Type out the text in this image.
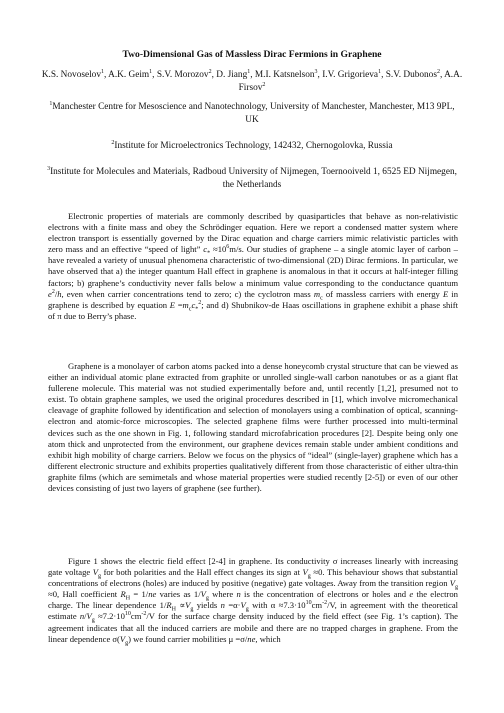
Two-Dimensional Gas of Massless Dirac Fermions in Graphene
K.S. Novoselov$^1$, A.K. Geim$^1$, S.V. Morozov$^2$, D. Jiang$^1$, M.I. Katsnelson$^3$, I.V. Grigorieva$^1$, S.V. Dubonos$^2$, A.A. Firsov$^2$
$^1$Manchester Centre for Mesoscience and Nanotechnology, University of Manchester, Manchester, M13 9PL, UK
$^2$Institute for Microelectronics Technology, 142432, Chernogolovka, Russia
$^3$Institute for Molecules and Materials, Radboud University of Nijmegen, Toernooiveld 1, 6525 ED Nijmegen, the Netherlands
Electronic properties of materials are commonly described by quasiparticles that behave as non-relativistic electrons with a finite mass and obey the Schrödinger equation. Here we report a condensed matter system where electron transport is essentially governed by the Dirac equation and charge carriers mimic relativistic particles with zero mass and an effective “speed of light” $c_* \approx 10^6m/s$. Our studies of graphene – a single atomic layer of carbon – have revealed a variety of unusual phenomena characteristic of two-dimensional (2D) Dirac fermions. In particular, we have observed that a) the integer quantum Hall effect in graphene is anomalous in that it occurs at half-integer filling factors; b) graphene’s conductivity never falls below a minimum value corresponding to the conductance quantum $e^2/h$, even when carrier concentrations tend to zero; c) the cyclotron mass $m_c$ of massless carriers with energy E in graphene is described by equation $E =m_cc_*^2$; and d) Shubnikov-de Haas oscillations in graphene exhibit a phase shift of π due to Berry’s phase.
Graphene is a monolayer of carbon atoms packed into a dense honeycomb crystal structure that can be viewed as either an individual atomic plane extracted from graphite or unrolled single-wall carbon nanotubes or as a giant flat fullerene molecule. This material was not studied experimentally before and, until recently [1,2], presumed not to exist. To obtain graphene samples, we used the original procedures described in [1], which involve micromechanical cleavage of graphite followed by identification and selection of monolayers using a combination of optical, scanning-electron and atomic-force microscopies. The selected graphene films were further processed into multi-terminal devices such as the one shown in Fig. 1, following standard microfabrication procedures [2]. Despite being only one atom thick and unprotected from the environment, our graphene devices remain stable under ambient conditions and exhibit high mobility of charge carriers. Below we focus on the physics of “ideal” (single-layer) graphene which has a different electronic structure and exhibits properties qualitatively different from those characteristic of either ultra-thin graphite films (which are semimetals and whose material properties were studied recently [2-5]) or even of our other devices consisting of just two layers of graphene (see further).
Figure 1 shows the electric field effect [2-4] in graphene. Its conductivity σ increases linearly with increasing gate voltage $V_g$ for both polarities and the Hall effect changes its sign at $V_g \approx 0$. This behaviour shows that substantial concentrations of electrons (holes) are induced by positive (negative) gate voltages. Away from the transition region $V_g \approx 0$, Hall coefficient $R_H = 1/ne$ varies as $1/V_g$ where n is the concentration of electrons or holes and e the electron charge. The linear dependence $1/R_H \propto V_g$ yields $n =\alpha\cdot V_g$ with $\alpha \approx 7.3\cdot 10^{10}cm^{-2}/V$, in agreement with the theoretical estimate $n/V_g \approx 7.2\cdot 10^{10}cm^{-2}/V$ for the surface charge density induced by the field effect (see Fig. 1’s caption). The agreement indicates that all the induced carriers are mobile and there are no trapped charges in graphene. From the linear dependence $\sigma(V_g)$ we found carrier mobilities μ =σ/ne, which
